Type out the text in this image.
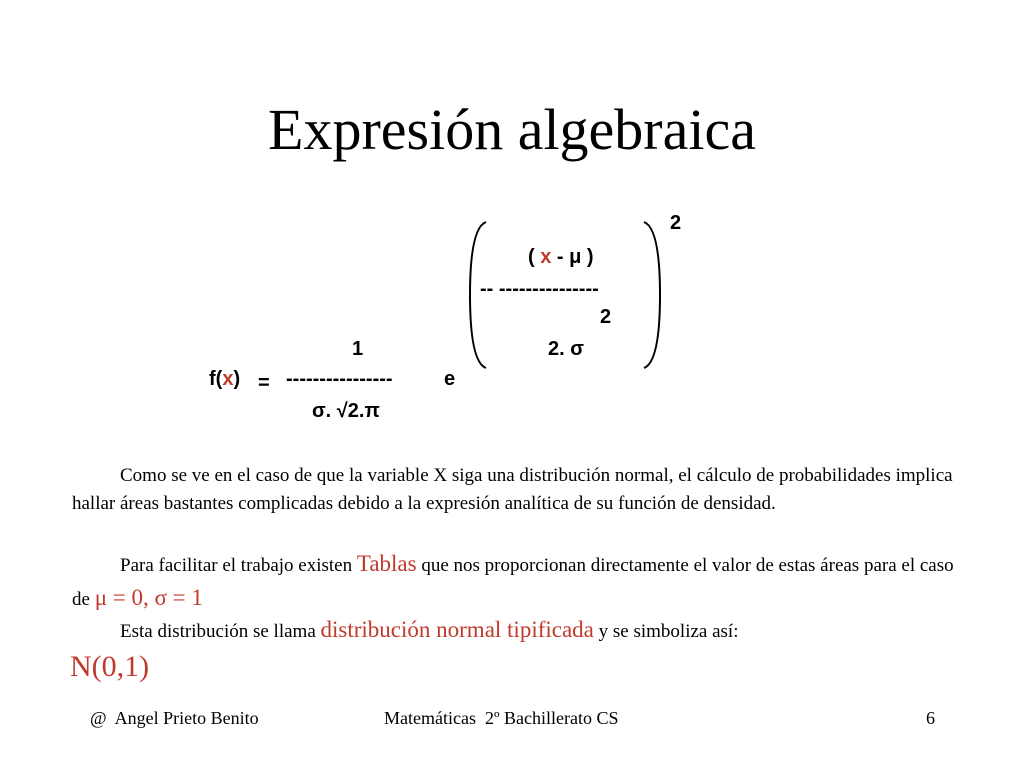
Expresión algebraica
2
( x - μ )
-- ---------------
2
2. σ
1
f(x) = ----------------	e
σ. √2.π
Como se ve en el caso de que la variable X siga una distribución normal, el cálculo de probabilidades implica hallar áreas bastantes complicadas debido a la expresión analítica de su función de densidad.
Para facilitar el trabajo existen Tablas que nos proporcionan directamente el valor de estas áreas para el caso de μ = 0, σ = 1
Esta distribución se llama distribución normal tipificada y se simboliza así:
N(0,1)
@  Angel Prieto Benito	Matemáticas  2º Bachillerato CS	6
